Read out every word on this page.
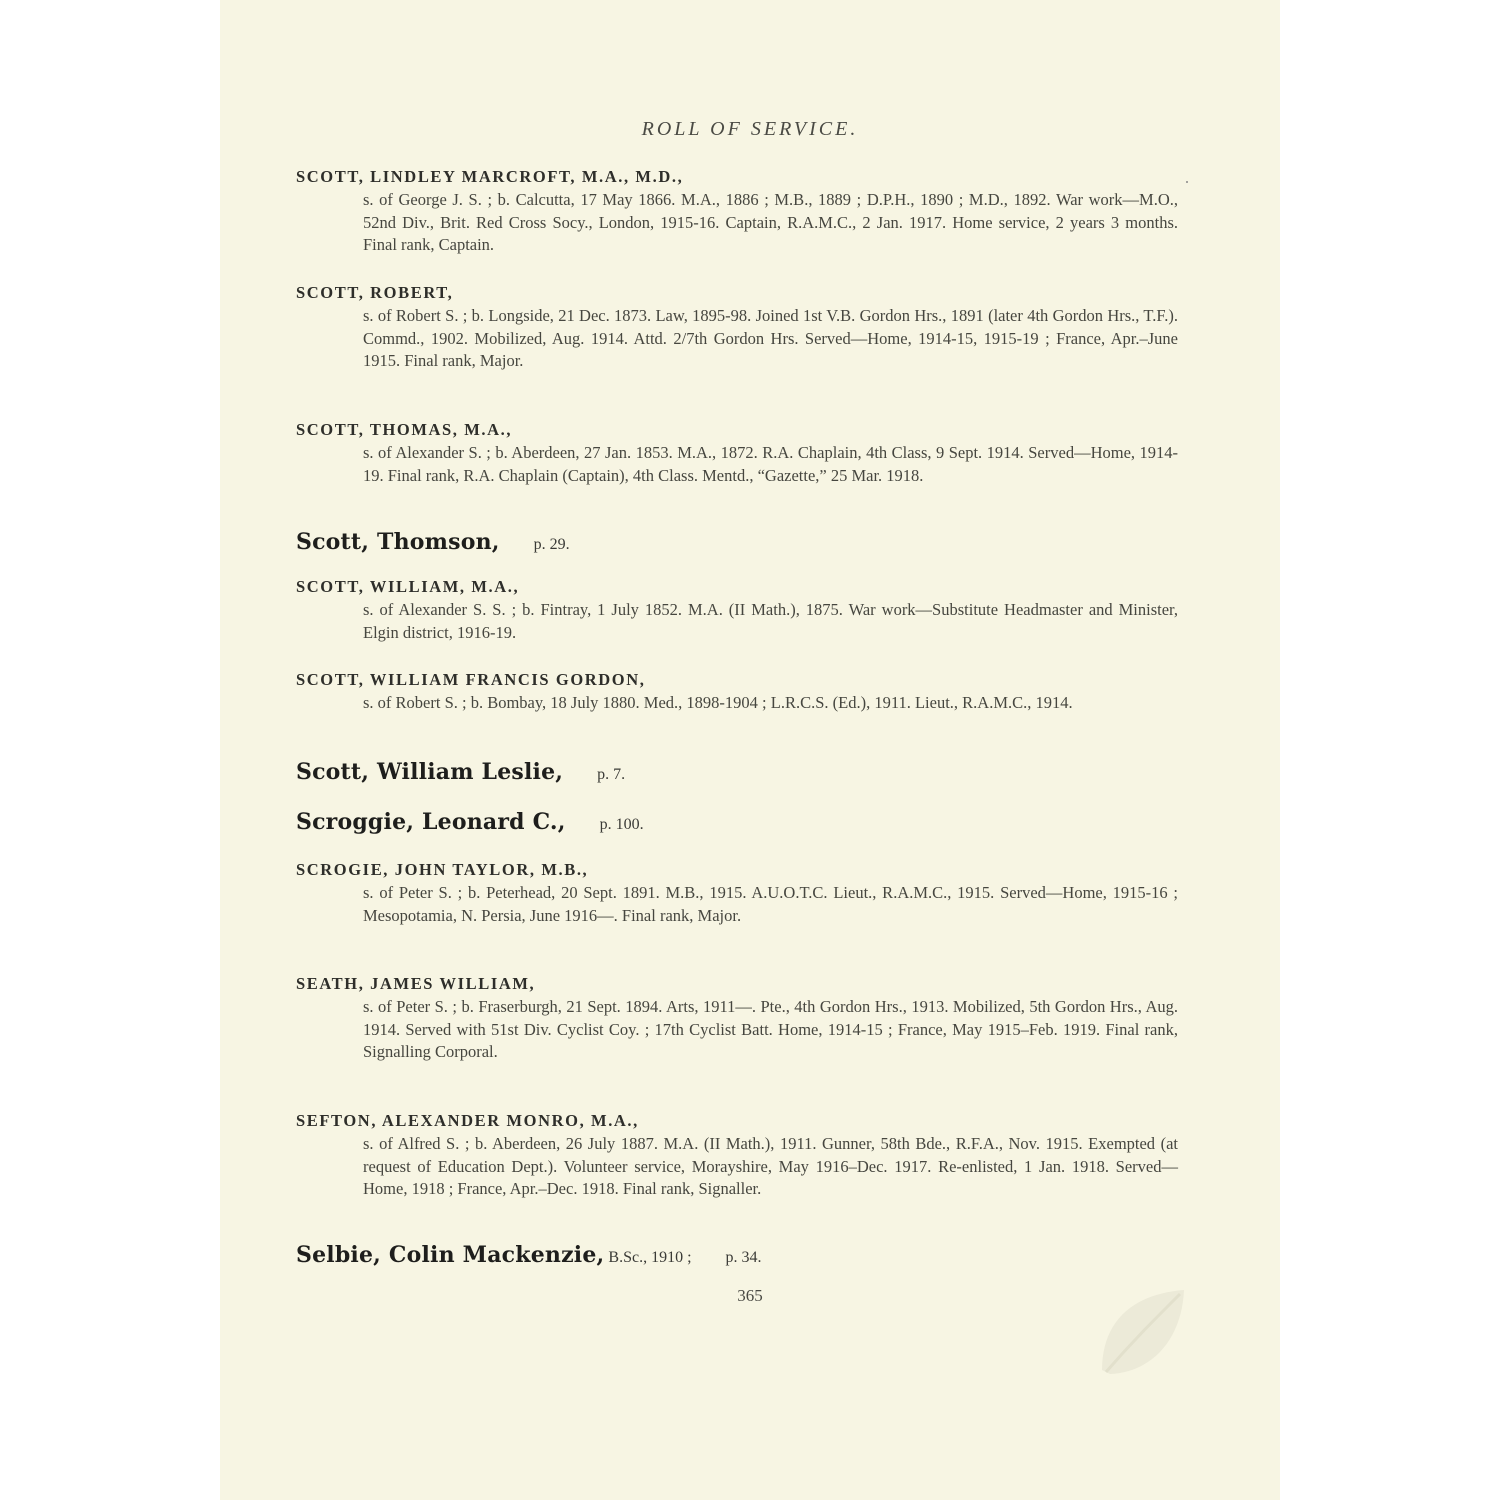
ROLL OF SERVICE.
SCOTT, LINDLEY MARCROFT, M.A., M.D.,
s. of George J. S. ; b. Calcutta, 17 May 1866. M.A., 1886 ; M.B., 1889 ; D.P.H., 1890 ; M.D., 1892. War work—M.O., 52nd Div., Brit. Red Cross Socy., London, 1915-16. Captain, R.A.M.C., 2 Jan. 1917. Home service, 2 years 3 months. Final rank, Captain.
SCOTT, ROBERT,
s. of Robert S. ; b. Longside, 21 Dec. 1873. Law, 1895-98. Joined 1st V.B. Gordon Hrs., 1891 (later 4th Gordon Hrs., T.F.). Commd., 1902. Mobilized, Aug. 1914. Attd. 2/7th Gordon Hrs. Served—Home, 1914-15, 1915-19 ; France, Apr.–June 1915. Final rank, Major.
SCOTT, THOMAS, M.A.,
s. of Alexander S. ; b. Aberdeen, 27 Jan. 1853. M.A., 1872. R.A. Chaplain, 4th Class, 9 Sept. 1914. Served—Home, 1914-19. Final rank, R.A. Chaplain (Captain), 4th Class. Mentd., “Gazette,” 25 Mar. 1918.
Scott, Thomson, p. 29.
SCOTT, WILLIAM, M.A.,
s. of Alexander S. S. ; b. Fintray, 1 July 1852. M.A. (II Math.), 1875. War work—Substitute Headmaster and Minister, Elgin district, 1916-19.
SCOTT, WILLIAM FRANCIS GORDON,
s. of Robert S. ; b. Bombay, 18 July 1880. Med., 1898-1904 ; L.R.C.S. (Ed.), 1911. Lieut., R.A.M.C., 1914.
Scott, William Leslie, p. 7.
Scroggie, Leonard C., p. 100.
SCROGIE, JOHN TAYLOR, M.B.,
s. of Peter S. ; b. Peterhead, 20 Sept. 1891. M.B., 1915. A.U.O.T.C. Lieut., R.A.M.C., 1915. Served—Home, 1915-16 ; Mesopotamia, N. Persia, June 1916—. Final rank, Major.
SEATH, JAMES WILLIAM,
s. of Peter S. ; b. Fraserburgh, 21 Sept. 1894. Arts, 1911—. Pte., 4th Gordon Hrs., 1913. Mobilized, 5th Gordon Hrs., Aug. 1914. Served with 51st Div. Cyclist Coy. ; 17th Cyclist Batt. Home, 1914-15 ; France, May 1915–Feb. 1919. Final rank, Signalling Corporal.
SEFTON, ALEXANDER MONRO, M.A.,
s. of Alfred S. ; b. Aberdeen, 26 July 1887. M.A. (II Math.), 1911. Gunner, 58th Bde., R.F.A., Nov. 1915. Exempted (at request of Education Dept.). Volunteer service, Morayshire, May 1916–Dec. 1917. Re-enlisted, 1 Jan. 1918. Served—Home, 1918 ; France, Apr.–Dec. 1918. Final rank, Signaller.
Selbie, Colin Mackenzie, B.Sc., 1910 ; p. 34.
365
